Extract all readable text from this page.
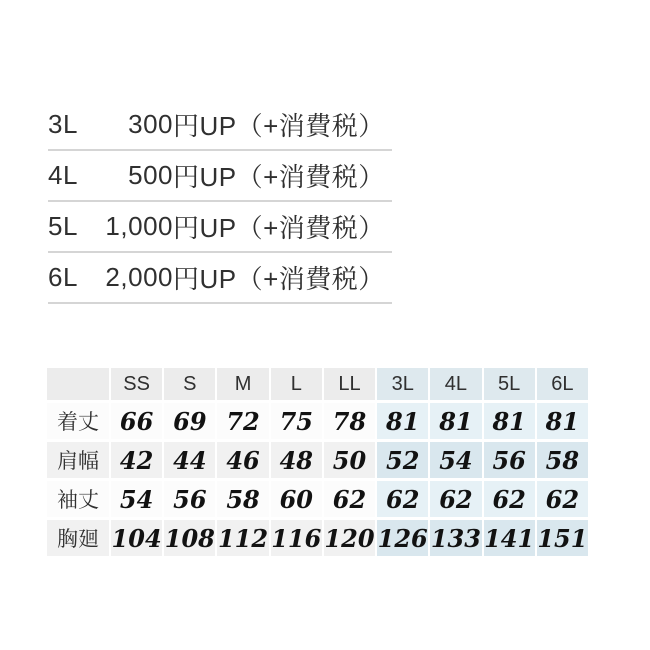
3L	300 円UP（+消費税）
4L	500 円UP（+消費税）
5L	1,000 円UP（+消費税）
6L	2,000 円UP（+消費税）
	SS	S	M	L	LL	3L	4L	5L	6L
着丈	66	69	72	75	78	81	81	81	81
肩幅	42	44	46	48	50	52	54	56	58
袖丈	54	56	58	60	62	62	62	62	62
胸廻	104	108	112	116	120	126	133	141	151
